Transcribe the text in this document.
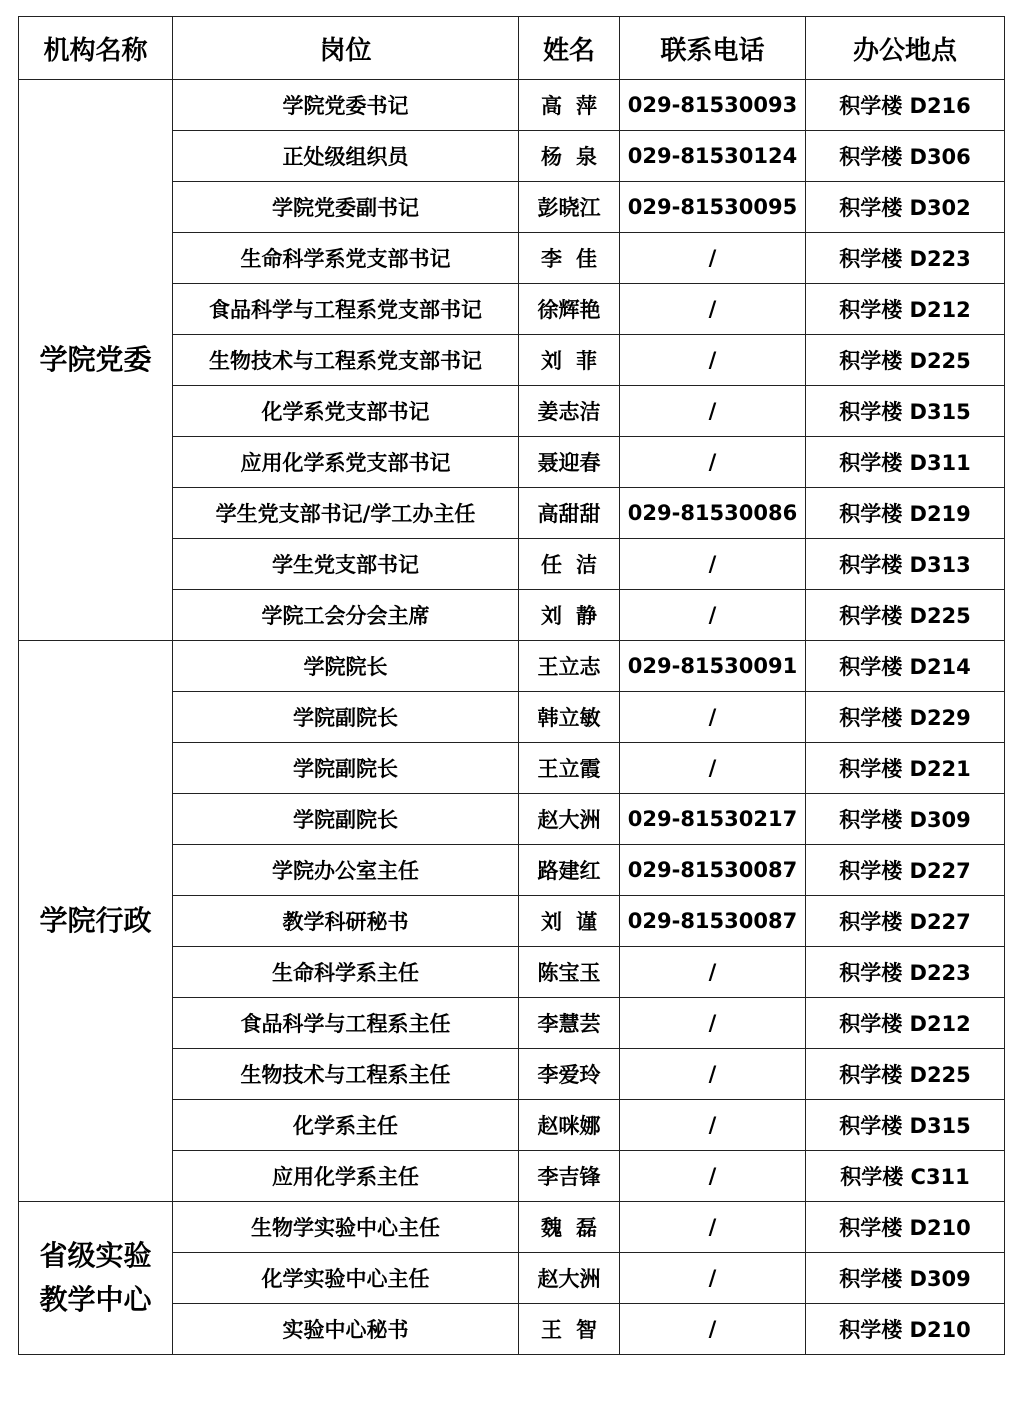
机构名称	岗位	姓名	联系电话	办公地点
学院党委	学院党委书记	高萍	029-81530093	积学楼 D216
	正处级组织员	杨泉	029-81530124	积学楼 D306
	学院党委副书记	彭晓江	029-81530095	积学楼 D302
	生命科学系党支部书记	李佳	/	积学楼 D223
	食品科学与工程系党支部书记	徐辉艳	/	积学楼 D212
	生物技术与工程系党支部书记	刘菲	/	积学楼 D225
	化学系党支部书记	姜志洁	/	积学楼 D315
	应用化学系党支部书记	聂迎春	/	积学楼 D311
	学生党支部书记/学工办主任	高甜甜	029-81530086	积学楼 D219
	学生党支部书记	任洁	/	积学楼 D313
	学院工会分会主席	刘静	/	积学楼 D225
学院行政	学院院长	王立志	029-81530091	积学楼 D214
	学院副院长	韩立敏	/	积学楼 D229
	学院副院长	王立霞	/	积学楼 D221
	学院副院长	赵大洲	029-81530217	积学楼 D309
	学院办公室主任	路建红	029-81530087	积学楼 D227
	教学科研秘书	刘谨	029-81530087	积学楼 D227
	生命科学系主任	陈宝玉	/	积学楼 D223
	食品科学与工程系主任	李慧芸	/	积学楼 D212
	生物技术与工程系主任	李爱玲	/	积学楼 D225
	化学系主任	赵咪娜	/	积学楼 D315
	应用化学系主任	李吉锋	/	积学楼 C311

省级实验
教学中心	生物学实验中心主任	魏磊	/	积学楼 D210
	化学实验中心主任	赵大洲	/	积学楼 D309
	实验中心秘书	王智	/	积学楼 D210
